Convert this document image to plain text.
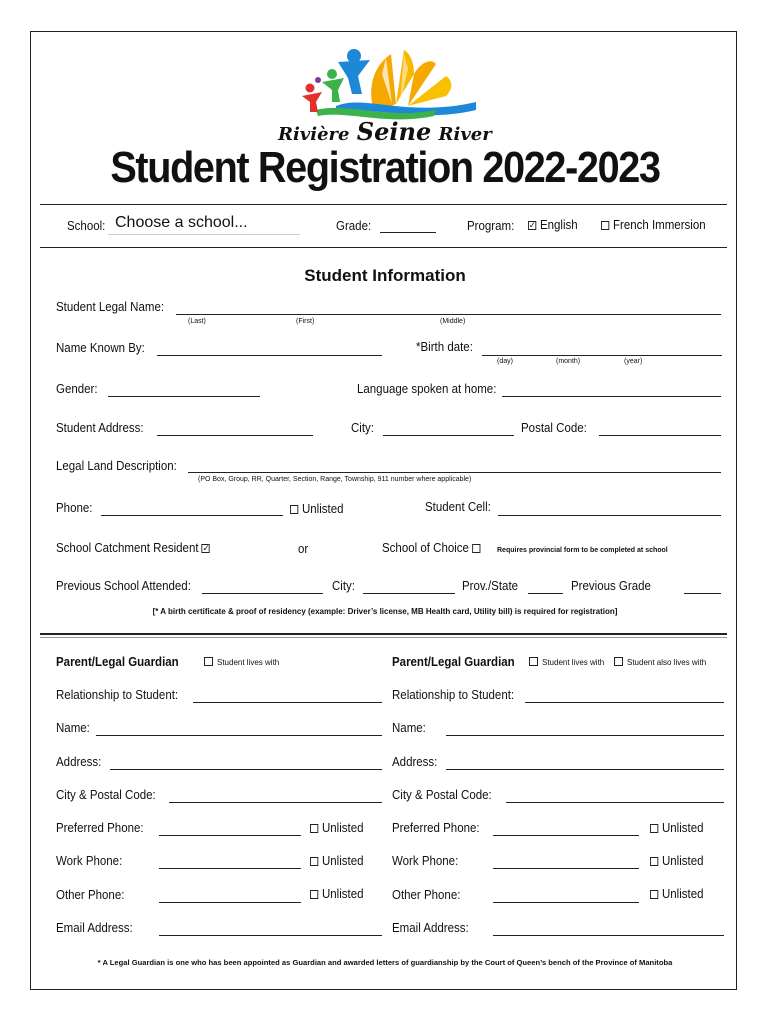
Rivière Seine River
Student Registration 2022-2023
School: Choose a school...	Grade:	Program: ✓	English	French Immersion
Student Information
Student Legal Name:
(Last)	(First)	(Middle)
Name Known By:	*Birth date:
(day)	(month)	(year)
Gender:	Language spoken at home:
Student Address:	City:	Postal Code:
Legal Land Description:
(PO Box, Group, RR, Quarter, Section, Range, Township, 911 number where applicable)
Phone:	Unlisted	Student Cell:
School Catchment Resident ✓	or	School of Choice	Requires provincial form to be completed at school
Previous School Attended:	City:	Prov./State	Previous Grade
[* A birth certificate & proof of residency (example: Driver’s license, MB Health card, Utility bill) is required for registration]
Parent/Legal Guardian	Student lives with
Relationship to Student:
Name:
Address:
City & Postal Code:
Preferred Phone:	Unlisted
Work Phone:	Unlisted
Other Phone:	Unlisted
Email Address:
Parent/Legal Guardian	Student lives with	Student also lives with
Relationship to Student:
Name:
Address:
City & Postal Code:
Preferred Phone:	Unlisted
Work Phone:	Unlisted
Other Phone:	Unlisted
Email Address:
* A Legal Guardian is one who has been appointed as Guardian and awarded letters of guardianship by the Court of Queen’s bench of the Province of Manitoba
